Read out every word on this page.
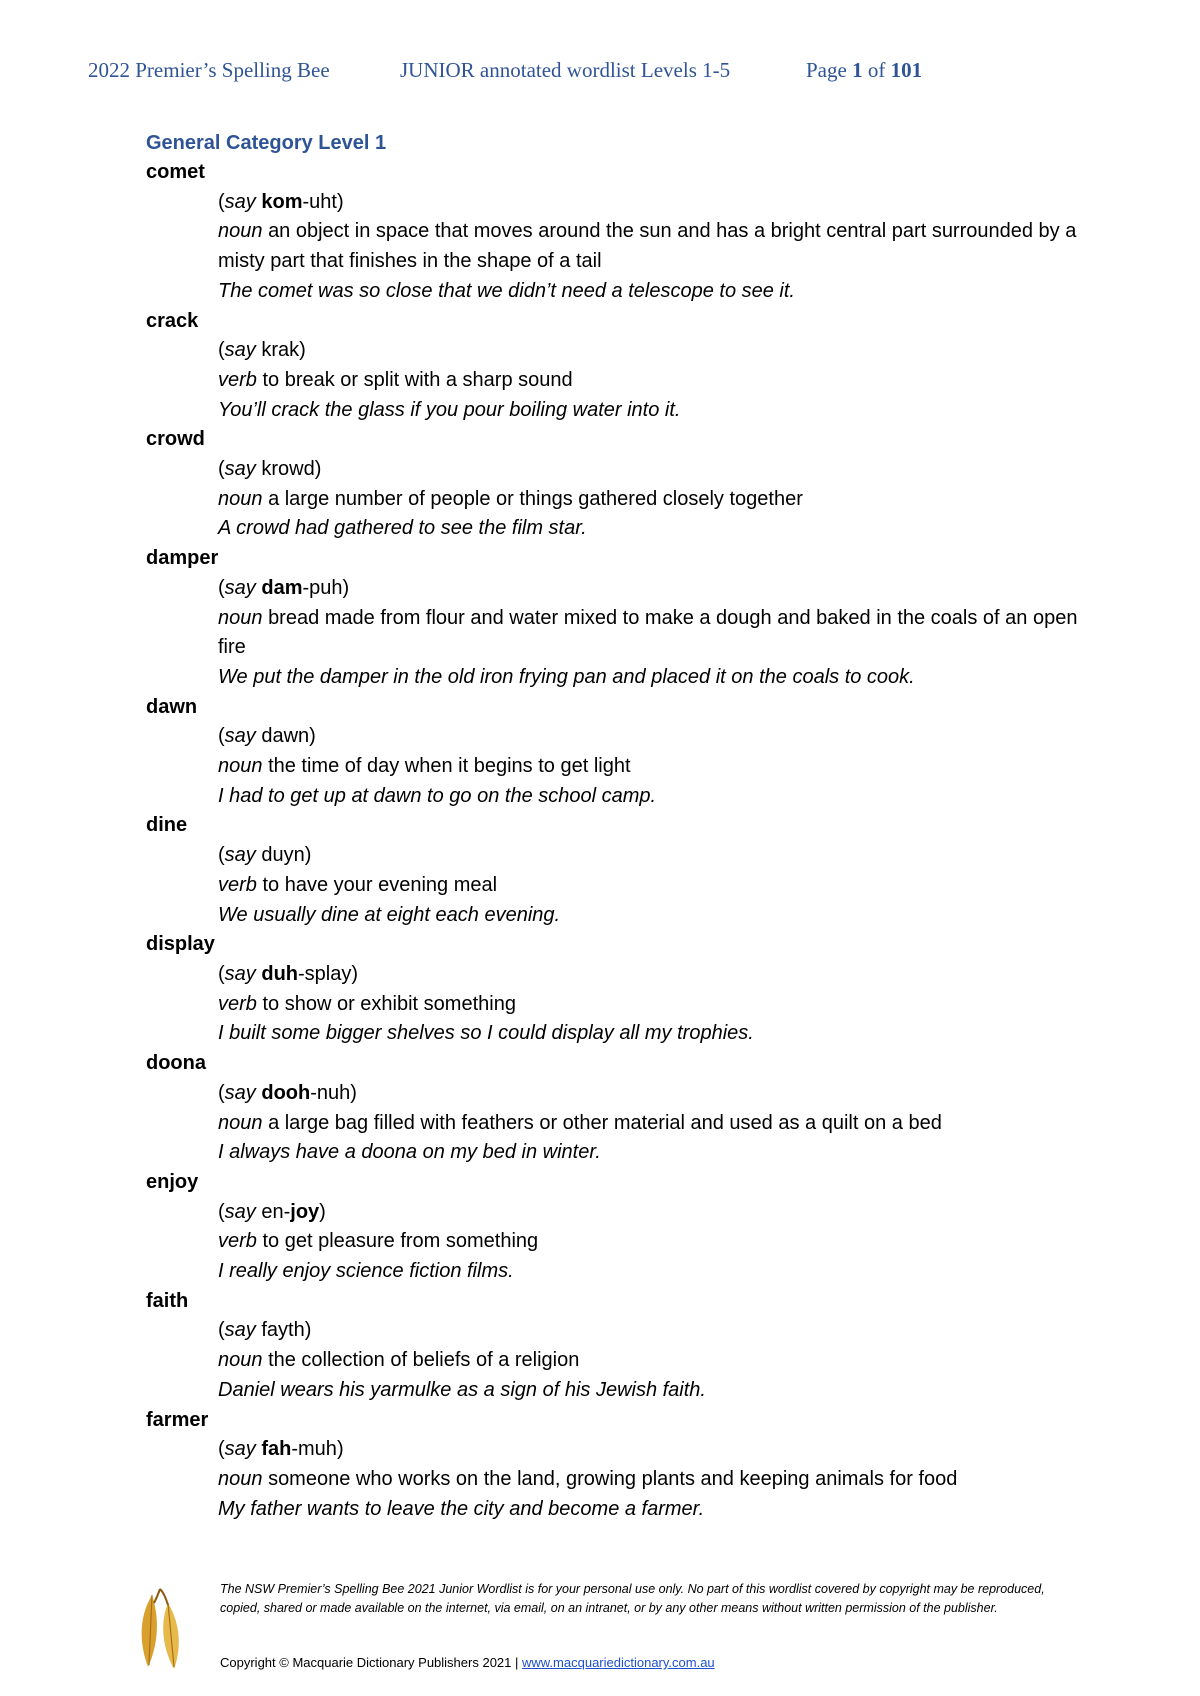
2022 Premier’s Spelling Bee	JUNIOR annotated wordlist Levels 1-5	Page 1 of 101
General Category Level 1
comet
(say kom-uht)
noun an object in space that moves around the sun and has a bright central part surrounded by a misty part that finishes in the shape of a tail
The comet was so close that we didn’t need a telescope to see it.
crack
(say krak)
verb to break or split with a sharp sound
You’ll crack the glass if you pour boiling water into it.
crowd
(say krowd)
noun a large number of people or things gathered closely together
A crowd had gathered to see the film star.
damper
(say dam-puh)
noun bread made from flour and water mixed to make a dough and baked in the coals of an open fire
We put the damper in the old iron frying pan and placed it on the coals to cook.
dawn
(say dawn)
noun the time of day when it begins to get light
I had to get up at dawn to go on the school camp.
dine
(say duyn)
verb to have your evening meal
We usually dine at eight each evening.
display
(say duh-splay)
verb to show or exhibit something
I built some bigger shelves so I could display all my trophies.
doona
(say dooh-nuh)
noun a large bag filled with feathers or other material and used as a quilt on a bed
I always have a doona on my bed in winter.
enjoy
(say en-joy)
verb to get pleasure from something
I really enjoy science fiction films.
faith
(say fayth)
noun the collection of beliefs of a religion
Daniel wears his yarmulke as a sign of his Jewish faith.
farmer
(say fah-muh)
noun someone who works on the land, growing plants and keeping animals for food
My father wants to leave the city and become a farmer.
The NSW Premier’s Spelling Bee 2021 Junior Wordlist is for your personal use only. No part of this wordlist covered by copyright may be reproduced, copied, shared or made available on the internet, via email, on an intranet, or by any other means without written permission of the publisher.
Copyright © Macquarie Dictionary Publishers 2021 | www.macquariedictionary.com.au
